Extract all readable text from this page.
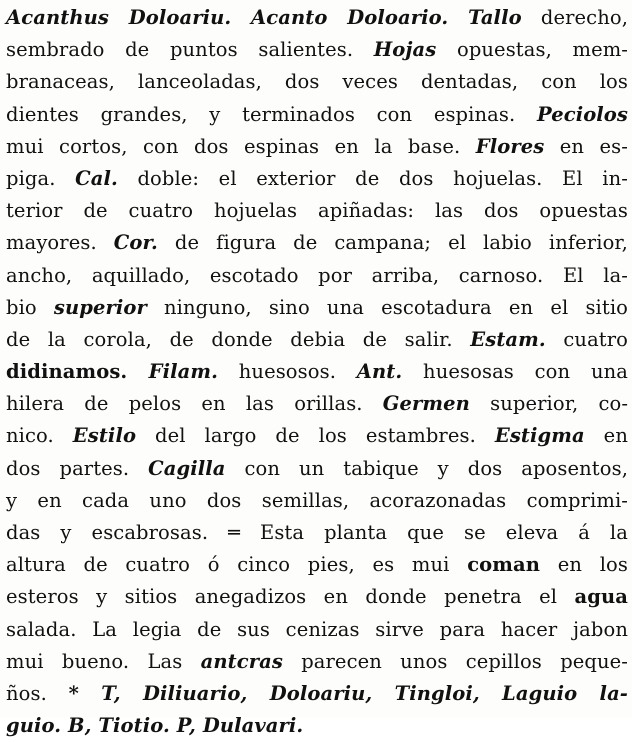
Acanthus Doloariu. Acanto Doloario. Tallo derecho,
sembrado de puntos salientes. Hojas opuestas, mem-
branaceas, lanceoladas, dos veces dentadas, con los
dientes grandes, y terminados con espinas. Peciolos
mui cortos, con dos espinas en la base. Flores en es-
piga. Cal. doble: el exterior de dos hojuelas. El in-
terior de cuatro hojuelas apiñadas: las dos opuestas
mayores. Cor. de figura de campana; el labio inferior,
ancho, aquillado, escotado por arriba, carnoso. El la-
bio superior ninguno, sino una escotadura en el sitio
de la corola, de donde debia de salir. Estam. cuatro
didinamos. Filam. huesosos. Ant. huesosas con una
hilera de pelos en las orillas. Germen superior, co-
nico. Estilo del largo de los estambres. Estigma en
dos partes. Cagilla con un tabique y dos aposentos,
y en cada uno dos semillas, acorazonadas comprimi-
das y escabrosas. ═ Esta planta que se eleva á la
altura de cuatro ó cinco pies, es mui coman en los
esteros y sitios anegadizos en donde penetra el agua
salada. La legia de sus cenizas sirve para hacer jabon
mui bueno. Las antcras parecen unos cepillos peque-
ños. * T, Diliuario, Doloariu, Tingloi, Laguio la-
guio. B, Tiotio. P, Dulavari.
